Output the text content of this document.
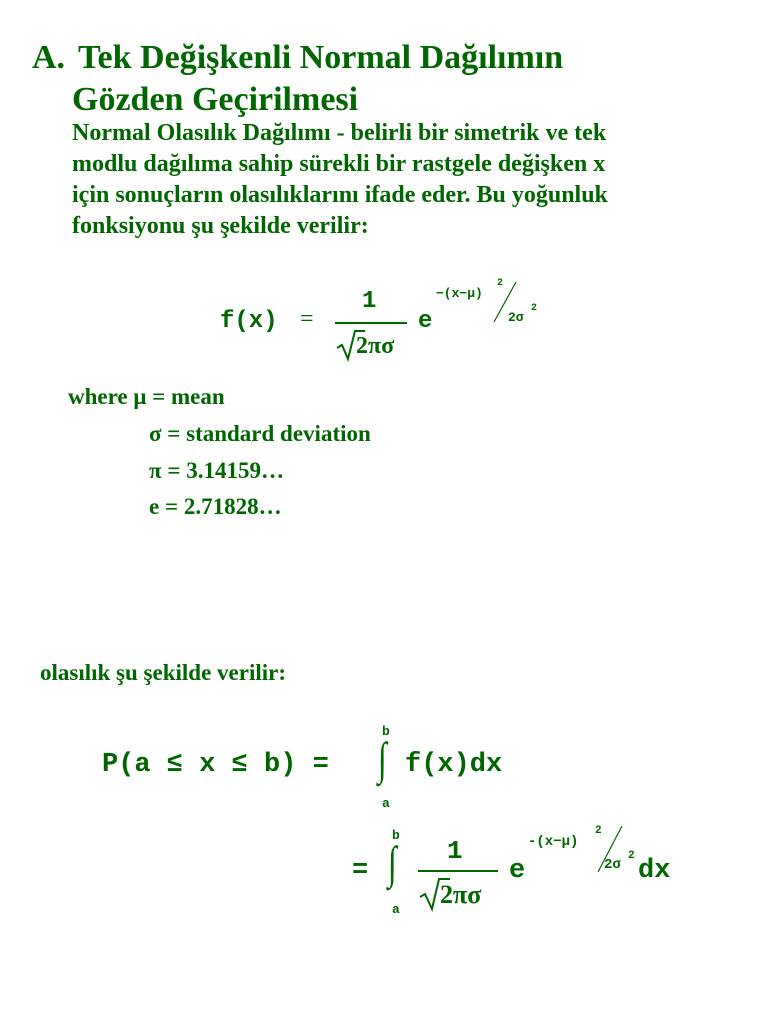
A. Tek Değişkenli Normal Dağılımın
Gözden Geçirilmesi
Normal Olasılık Dağılımı - belirli bir simetrik ve tek
modlu dağılıma sahip sürekli bir rastgele değişken x
için sonuçların olasılıklarını ifade eder. Bu yoğunluk
fonksiyonu şu şekilde verilir:
f(x) =
1
2πσ
e
−(x−μ)
2
2σ
2
where μ = mean
σ = standard deviation
π = 3.14159…
e = 2.71828…
olasılık şu şekilde verilir:
P(a ≤ x ≤ b) =
b
∫
a
f(x)dx
=
b
∫
a
1
2πσ
e
-(x−μ)
2
2σ
2 dx
